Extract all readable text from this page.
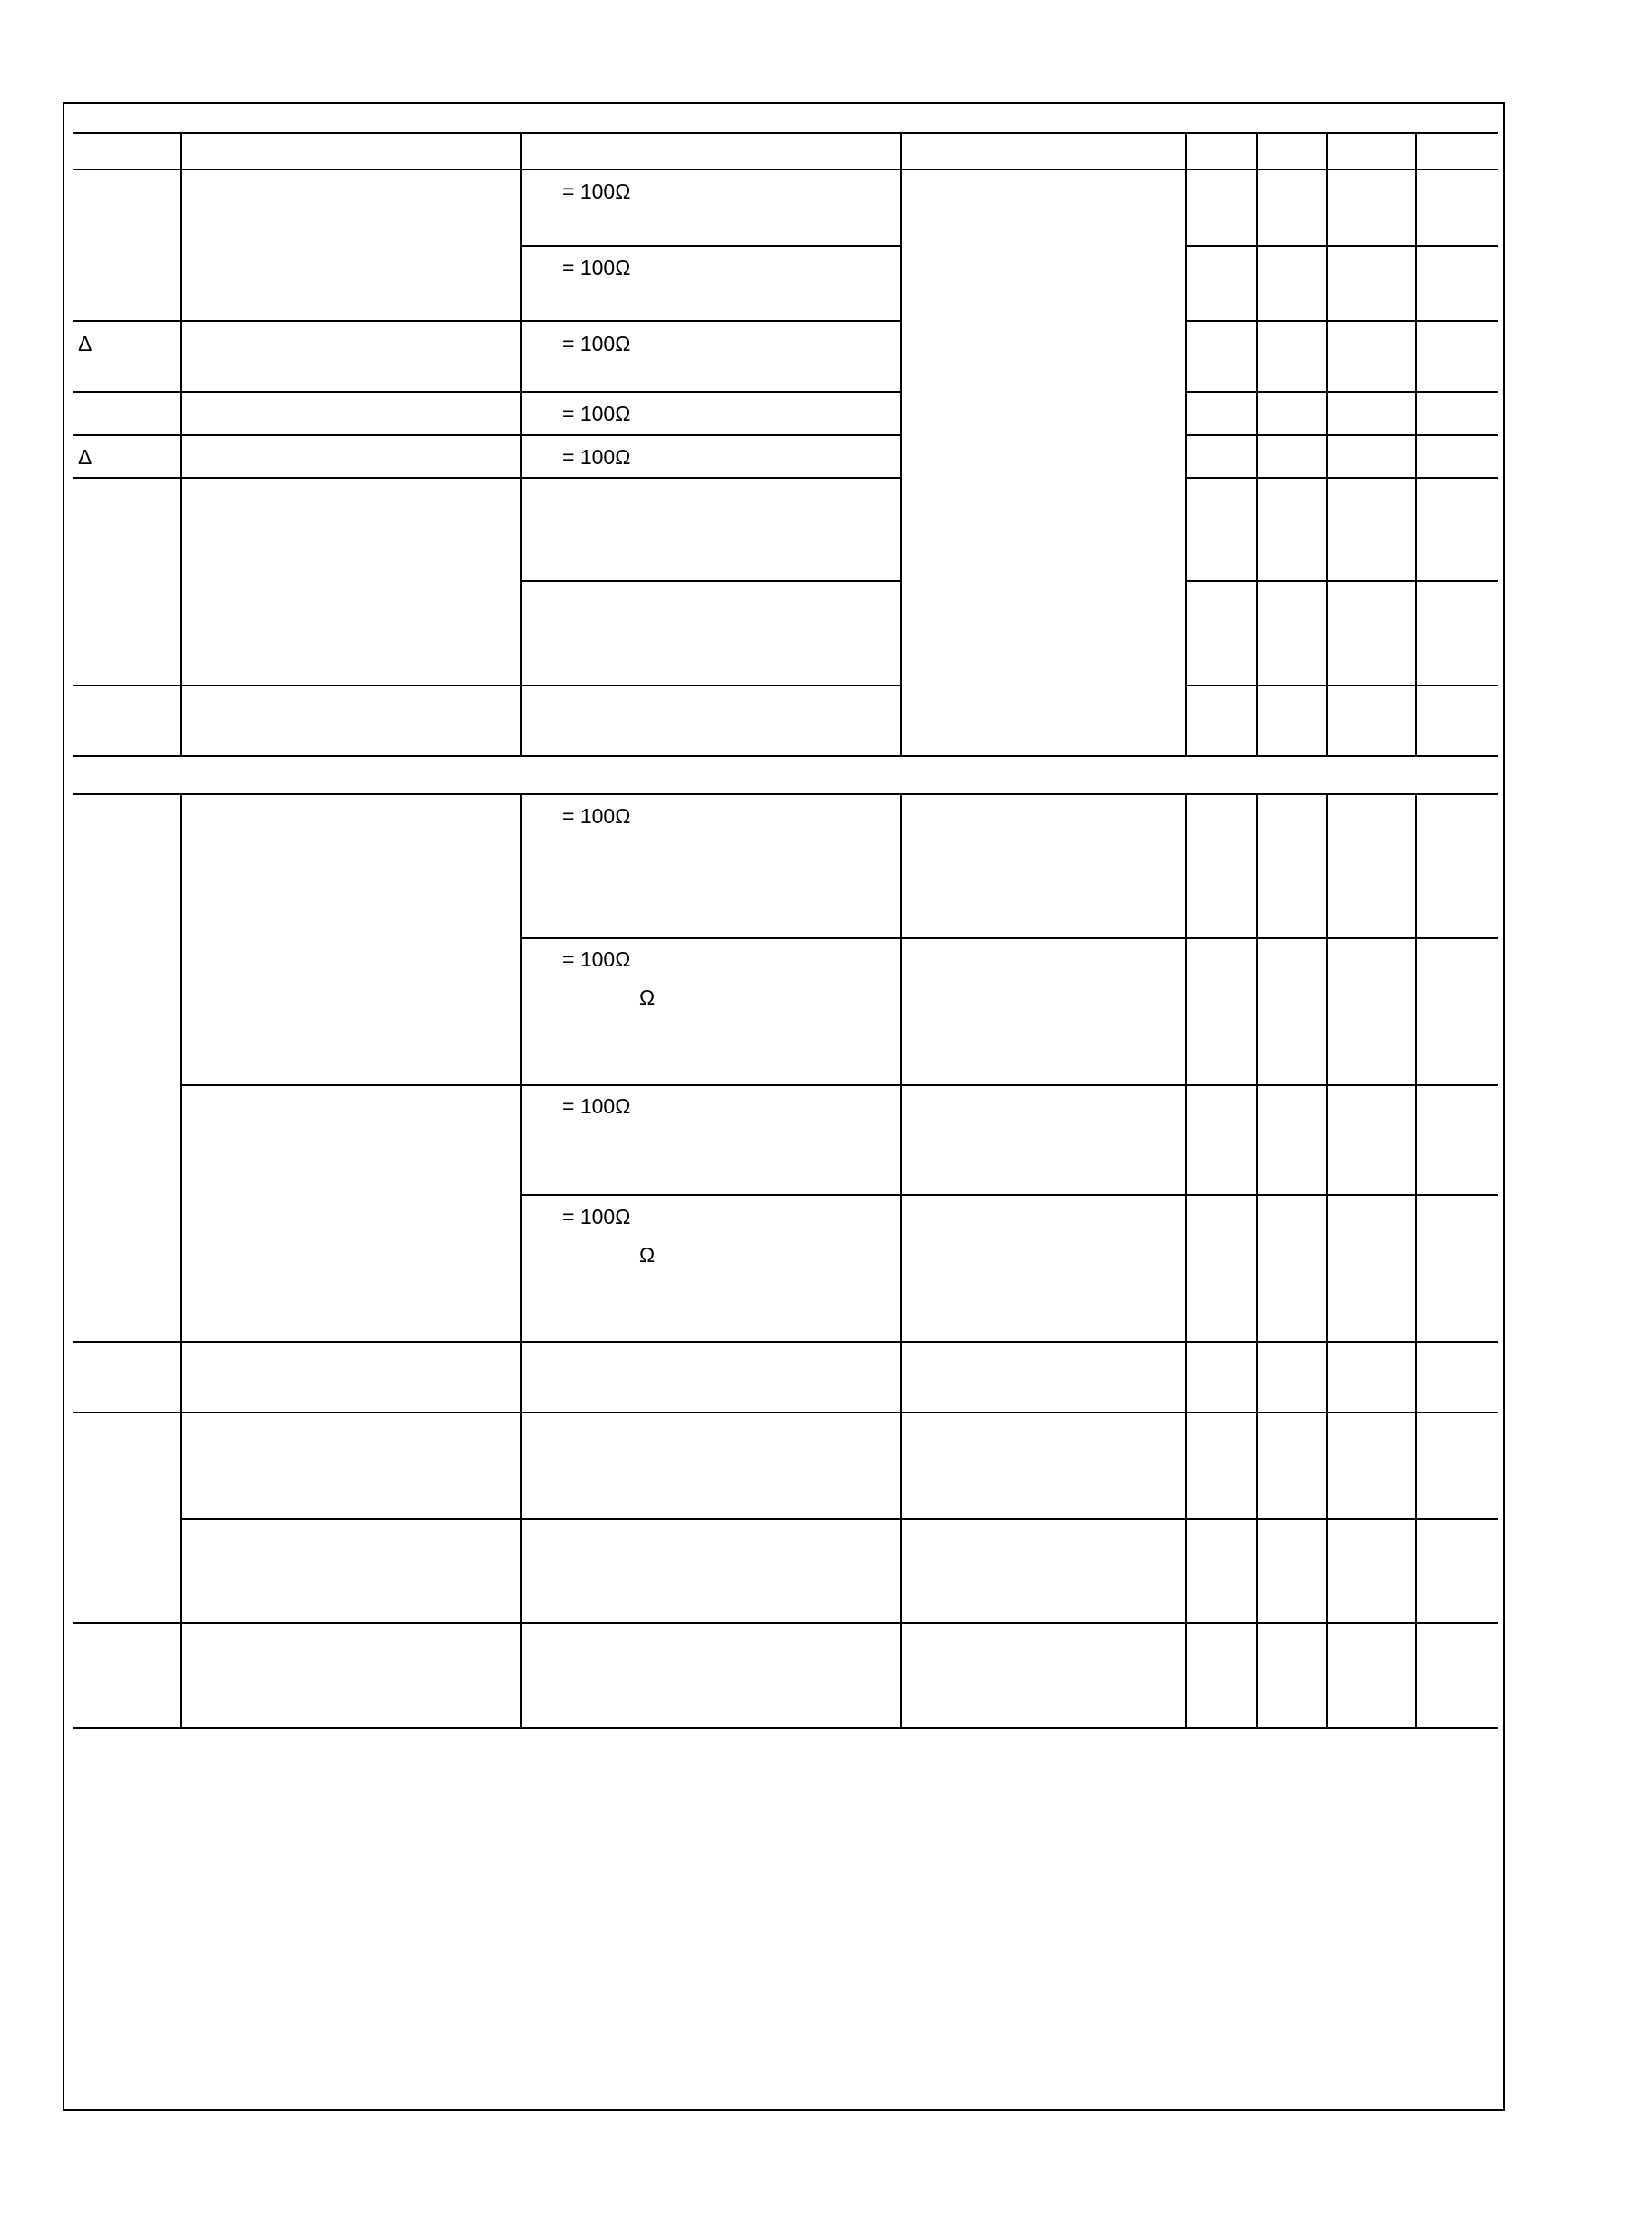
= 100Ω
= 100Ω
Δ	= 100Ω
= 100Ω
Δ	= 100Ω
= 100Ω
= 100Ω
Ω
= 100Ω
= 100Ω
Ω
